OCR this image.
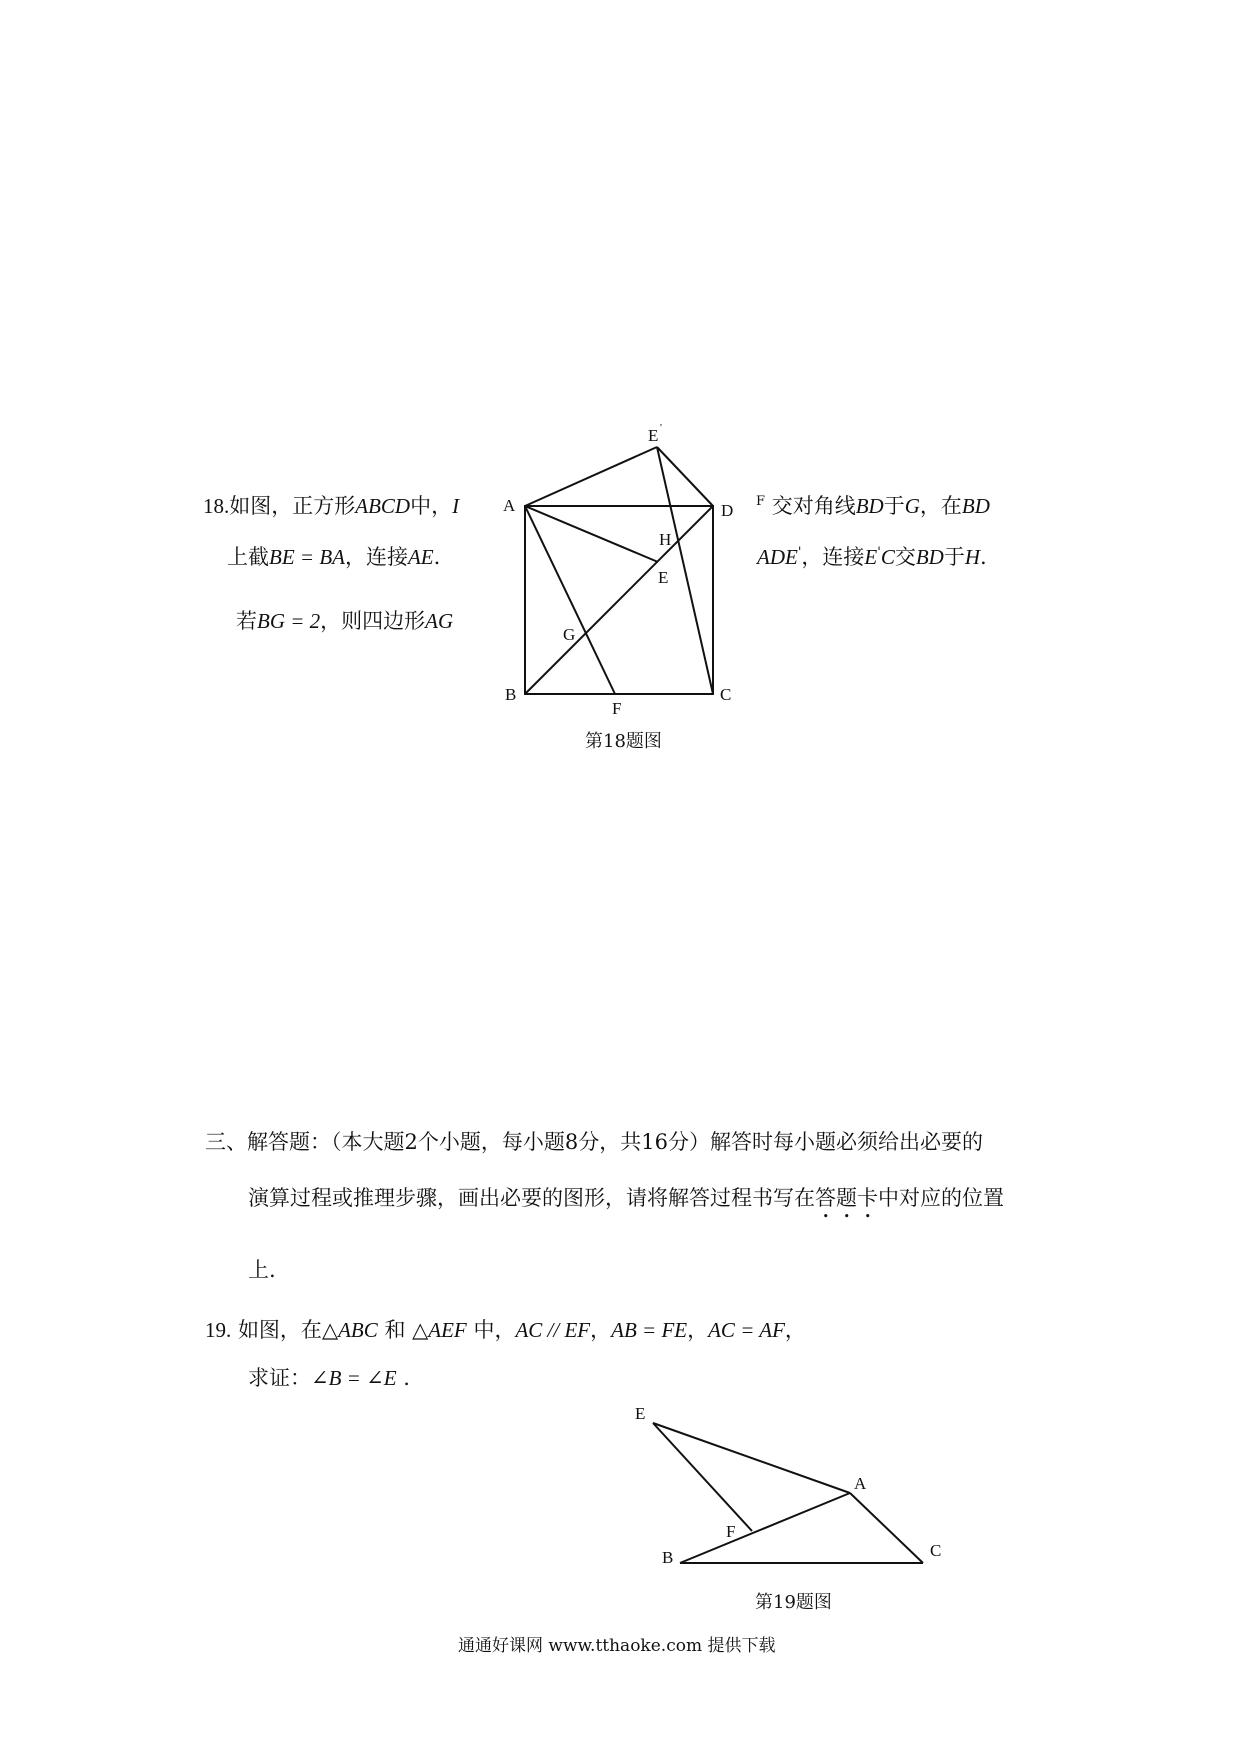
18.如图，正方形ABCD中，I	$^F$ 交对角线BD于G，在BD
上截BE = BA，连接AE.	ADE'，连接E'C交BD于H.
若BG = 2，则四边形AG
E '
A	D
H
E
G
B
F
C
第18题图
三、解答题：（本大题2个小题，每小题8分，共16分）解答时每小题必须给出必要的
演算过程或推理步骤，画出必要的图形，请将解答过程书写在答题卡中对应的位置
上.
19. 如图，在△ABC 和 △AEF 中，AC // EF，AB = FE，AC = AF，
求证：∠B = ∠E .
E
A
F
B	C
第19题图
通通好课网 www.tthaoke.com 提供下载
